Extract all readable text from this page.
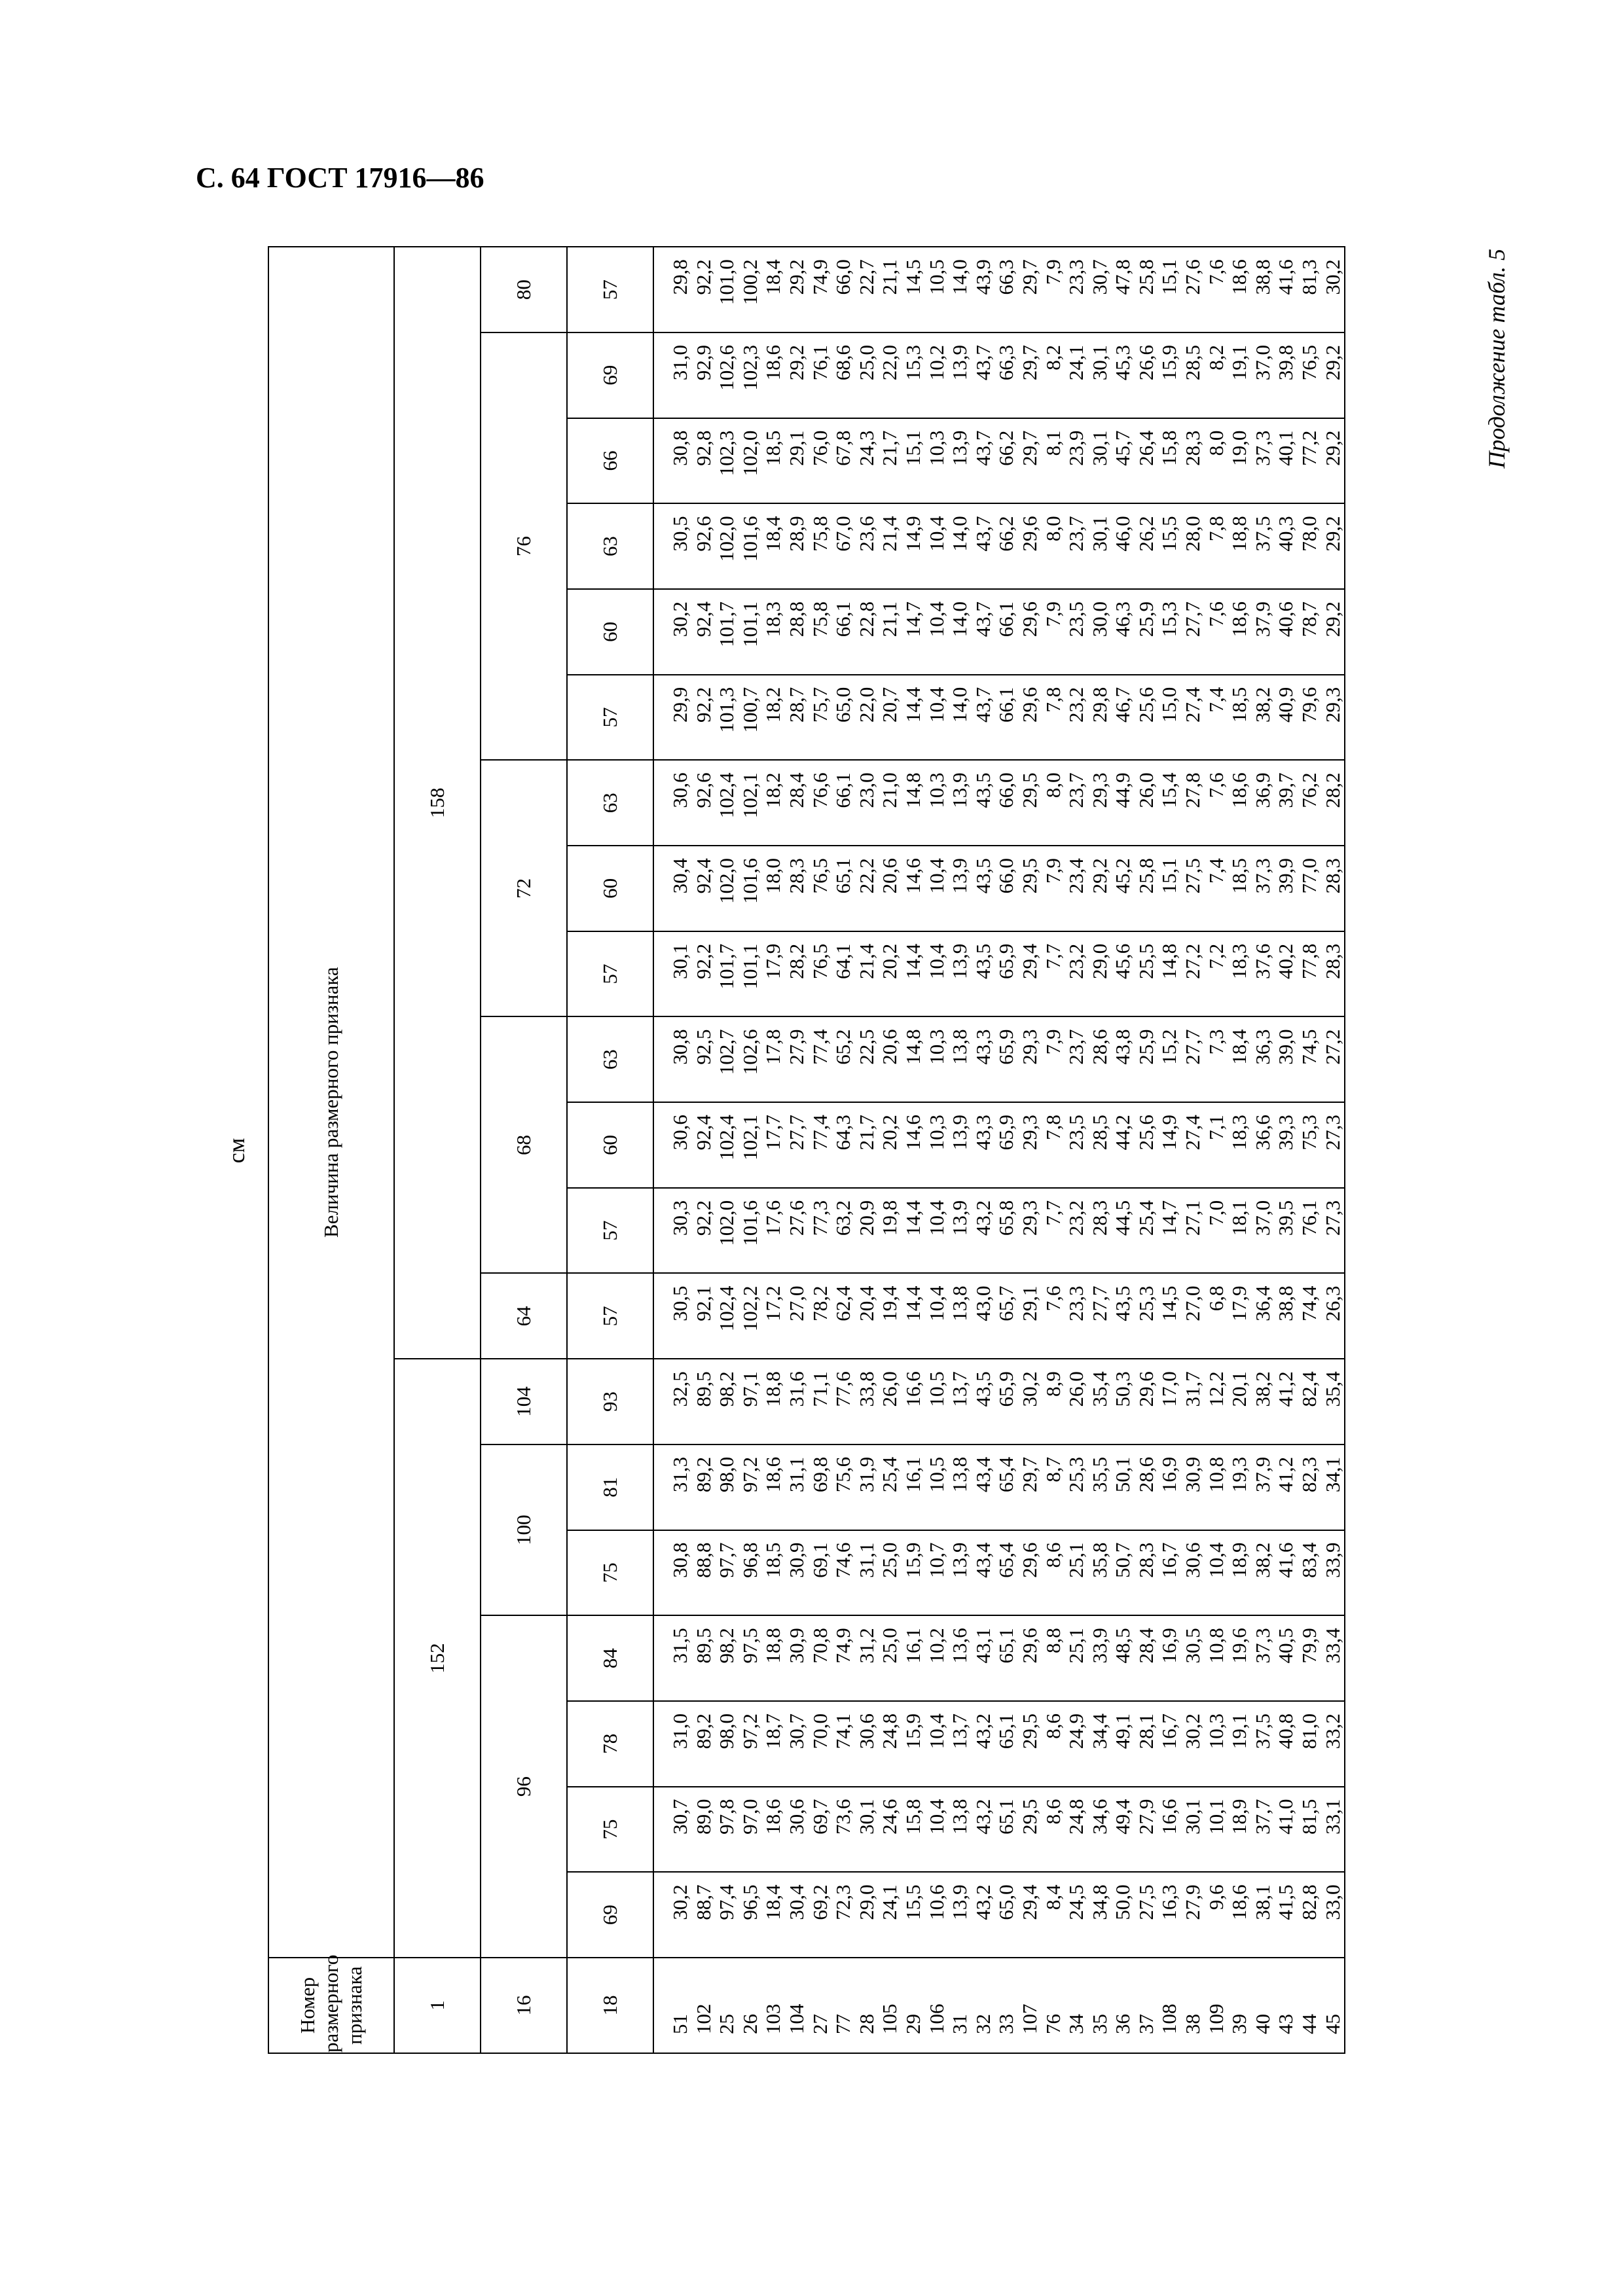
С. 64 ГОСТ 17916—86
Продолжение табл. 5
см
Номер размерного признака	Величина размерного признака																			
1	152							158												
16	96				100		104	64	68			72			76					80
18	69	75	78	84	75	81	93	57	57	60	63	57	60	63	57	60	63	66	69	57
51	30,2	30,7	31,0	31,5	30,8	31,3	32,5	30,5	30,3	30,6	30,8	30,1	30,4	30,6	29,9	30,2	30,5	30,8	31,0	29,8
102	88,7	89,0	89,2	89,5	88,8	89,2	89,5	92,1	92,2	92,4	92,5	92,2	92,4	92,6	92,2	92,4	92,6	92,8	92,9	92,2
25	97,4	97,8	98,0	98,2	97,7	98,0	98,2	102,4	102,0	102,4	102,7	101,7	102,0	102,4	101,3	101,7	102,0	102,3	102,6	101,0
26	96,5	97,0	97,2	97,5	96,8	97,2	97,1	102,2	101,6	102,1	102,6	101,1	101,6	102,1	100,7	101,1	101,6	102,0	102,3	100,2
103	18,4	18,6	18,7	18,8	18,5	18,6	18,8	17,2	17,6	17,7	17,8	17,9	18,0	18,2	18,2	18,3	18,4	18,5	18,6	18,4
104	30,4	30,6	30,7	30,9	30,9	31,1	31,6	27,0	27,6	27,7	27,9	28,2	28,3	28,4	28,7	28,8	28,9	29,1	29,2	29,2
27	69,2	69,7	70,0	70,8	69,1	69,8	71,1	78,2	77,3	77,4	77,4	76,5	76,5	76,6	75,7	75,8	75,8	76,0	76,1	74,9
77	72,3	73,6	74,1	74,9	74,6	75,6	77,6	62,4	63,2	64,3	65,2	64,1	65,1	66,1	65,0	66,1	67,0	67,8	68,6	66,0
28	29,0	30,1	30,6	31,2	31,1	31,9	33,8	20,4	20,9	21,7	22,5	21,4	22,2	23,0	22,0	22,8	23,6	24,3	25,0	22,7
105	24,1	24,6	24,8	25,0	25,0	25,4	26,0	19,4	19,8	20,2	20,6	20,2	20,6	21,0	20,7	21,1	21,4	21,7	22,0	21,1
29	15,5	15,8	15,9	16,1	15,9	16,1	16,6	14,4	14,4	14,6	14,8	14,4	14,6	14,8	14,4	14,7	14,9	15,1	15,3	14,5
106	10,6	10,4	10,4	10,2	10,7	10,5	10,5	10,4	10,4	10,3	10,3	10,4	10,4	10,3	10,4	10,4	10,4	10,3	10,2	10,5
31	13,9	13,8	13,7	13,6	13,9	13,8	13,7	13,8	13,9	13,9	13,8	13,9	13,9	13,9	14,0	14,0	14,0	13,9	13,9	14,0
32	43,2	43,2	43,2	43,1	43,4	43,4	43,5	43,0	43,2	43,3	43,3	43,5	43,5	43,5	43,7	43,7	43,7	43,7	43,7	43,9
33	65,0	65,1	65,1	65,1	65,4	65,4	65,9	65,7	65,8	65,9	65,9	65,9	66,0	66,0	66,1	66,1	66,2	66,2	66,3	66,3
107	29,4	29,5	29,5	29,6	29,6	29,7	30,2	29,1	29,3	29,3	29,3	29,4	29,5	29,5	29,6	29,6	29,6	29,7	29,7	29,7
76	8,4	8,6	8,6	8,8	8,6	8,7	8,9	7,6	7,7	7,8	7,9	7,7	7,9	8,0	7,8	7,9	8,0	8,1	8,2	7,9
34	24,5	24,8	24,9	25,1	25,1	25,3	26,0	23,3	23,2	23,5	23,7	23,2	23,4	23,7	23,2	23,5	23,7	23,9	24,1	23,3
35	34,8	34,6	34,4	33,9	35,8	35,5	35,4	27,7	28,3	28,5	28,6	29,0	29,2	29,3	29,8	30,0	30,1	30,1	30,1	30,7
36	50,0	49,4	49,1	48,5	50,7	50,1	50,3	43,5	44,5	44,2	43,8	45,6	45,2	44,9	46,7	46,3	46,0	45,7	45,3	47,8
37	27,5	27,9	28,1	28,4	28,3	28,6	29,6	25,3	25,4	25,6	25,9	25,5	25,8	26,0	25,6	25,9	26,2	26,4	26,6	25,8
108	16,3	16,6	16,7	16,9	16,7	16,9	17,0	14,5	14,7	14,9	15,2	14,8	15,1	15,4	15,0	15,3	15,5	15,8	15,9	15,1
38	27,9	30,1	30,2	30,5	30,6	30,9	31,7	27,0	27,1	27,4	27,7	27,2	27,5	27,8	27,4	27,7	28,0	28,3	28,5	27,6
109	9,6	10,1	10,3	10,8	10,4	10,8	12,2	6,8	7,0	7,1	7,3	7,2	7,4	7,6	7,4	7,6	7,8	8,0	8,2	7,6
39	18,6	18,9	19,1	19,6	18,9	19,3	20,1	17,9	18,1	18,3	18,4	18,3	18,5	18,6	18,5	18,6	18,8	19,0	19,1	18,6
40	38,1	37,7	37,5	37,3	38,2	37,9	38,2	36,4	37,0	36,6	36,3	37,6	37,3	36,9	38,2	37,9	37,5	37,3	37,0	38,8
43	41,5	41,0	40,8	40,5	41,6	41,2	41,2	38,8	39,5	39,3	39,0	40,2	39,9	39,7	40,9	40,6	40,3	40,1	39,8	41,6
44	82,8	81,5	81,0	79,9	83,4	82,3	82,4	74,4	76,1	75,3	74,5	77,8	77,0	76,2	79,6	78,7	78,0	77,2	76,5	81,3
45	33,0	33,1	33,2	33,4	33,9	34,1	35,4	26,3	27,3	27,3	27,2	28,3	28,3	28,2	29,3	29,2	29,2	29,2	29,2	30,2
